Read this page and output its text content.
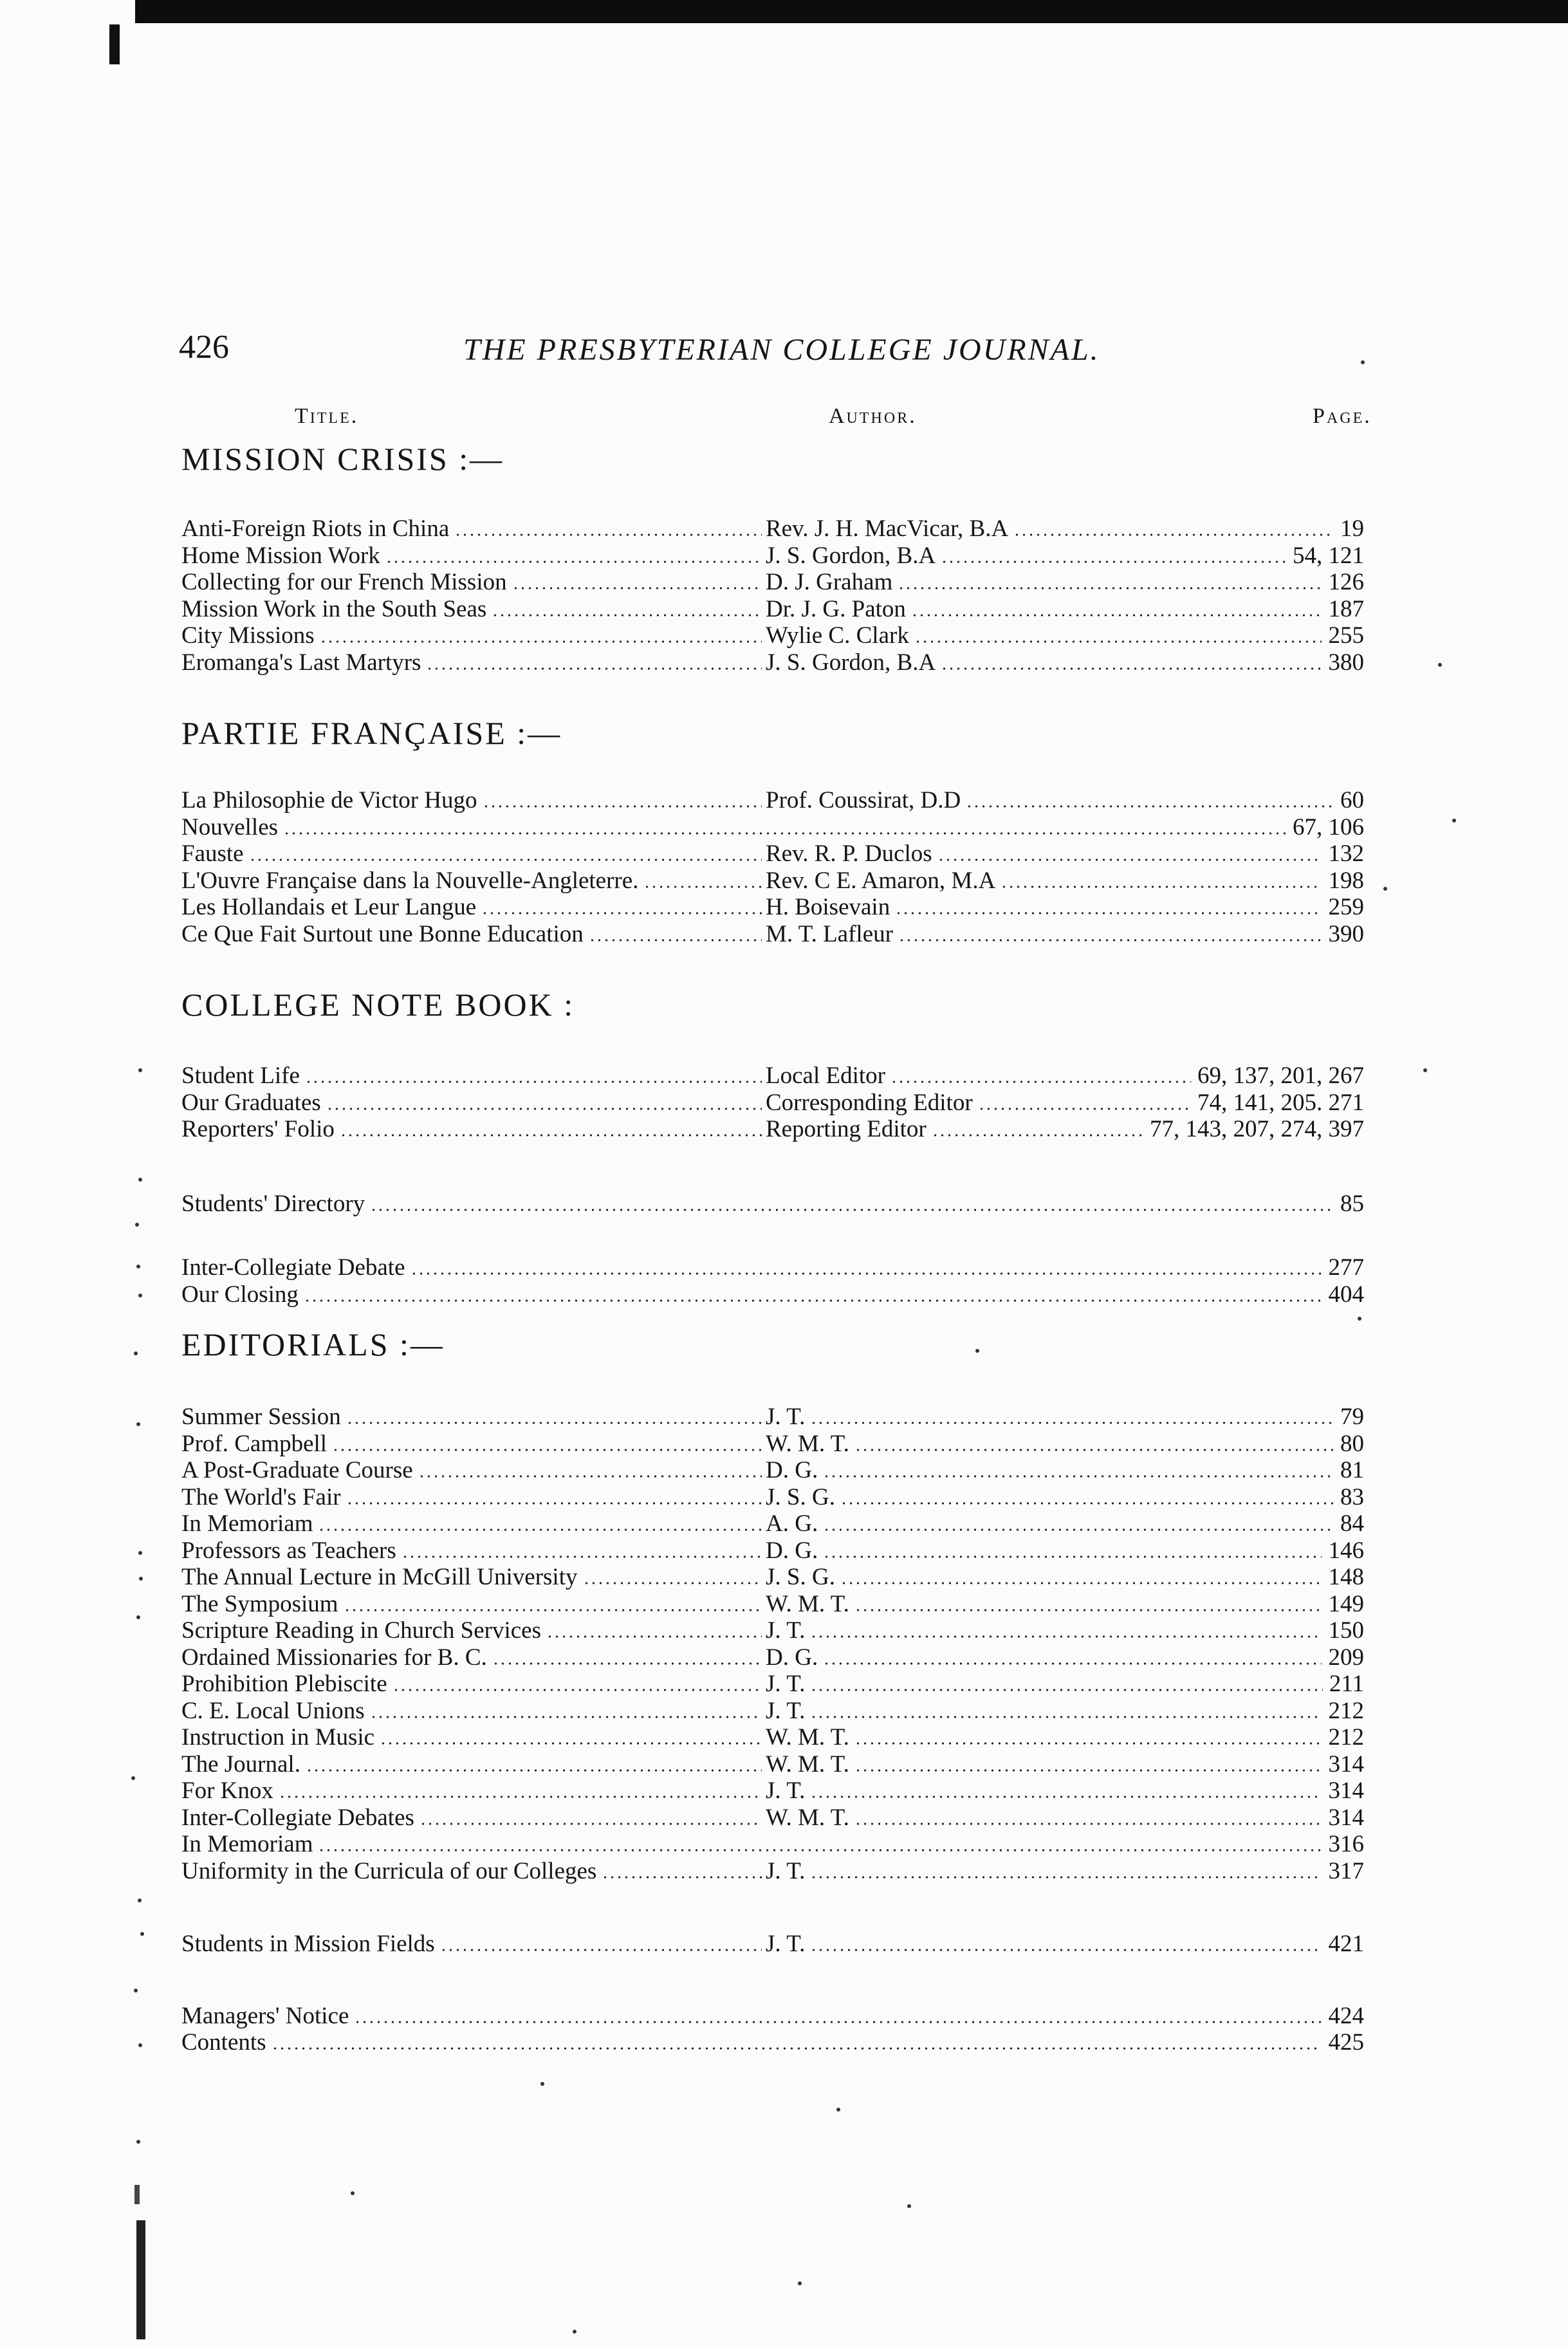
426	THE PRESBYTERIAN COLLEGE JOURNAL.
Title.	Author.	Page.
MISSION CRISIS :—
Anti-Foreign Riots in China	Rev. J. H. MacVicar, B.A	19
Home Mission Work	J. S. Gordon, B.A	54, 121
Collecting for our French Mission	D. J. Graham	126
Mission Work in the South Seas	Dr. J. G. Paton	187
City Missions	Wylie C. Clark	255
Eromanga's Last Martyrs	J. S. Gordon, B.A	380
PARTIE FRANÇAISE :—
La Philosophie de Victor Hugo	Prof. Coussirat, D.D	60
Nouvelles	67, 106
Fauste	Rev. R. P. Duclos	132
L'Ouvre Française dans la Nouvelle-Angleterre.	Rev. C E. Amaron, M.A	198
Les Hollandais et Leur Langue	H. Boisevain	259
Ce Que Fait Surtout une Bonne Education	M. T. Lafleur	390
COLLEGE NOTE BOOK :
Student Life	Local Editor	69, 137, 201, 267
Our Graduates	Corresponding Editor	74, 141, 205. 271
Reporters' Folio	Reporting Editor	77, 143, 207, 274, 397
Students' Directory	85
Inter-Collegiate Debate	277
Our Closing	404
EDITORIALS :—
Summer Session	J. T.	79
Prof. Campbell	W. M. T.	80
A Post-Graduate Course	D. G.	81
The World's Fair	J. S. G.	83
In Memoriam	A. G.	84
Professors as Teachers	D. G.	146
The Annual Lecture in McGill University	J. S. G.	148
The Symposium	W. M. T.	149
Scripture Reading in Church Services	J. T.	150
Ordained Missionaries for B. C.	D. G.	209
Prohibition Plebiscite	J. T.	211
C. E. Local Unions	J. T.	212
Instruction in Music	W. M. T.	212
The Journal.	W. M. T.	314
For Knox	J. T.	314
Inter-Collegiate Debates	W. M. T.	314
In Memoriam	316
Uniformity in the Curricula of our Colleges	J. T.	317
Students in Mission Fields	J. T.	421
Managers' Notice	424
Contents	425
